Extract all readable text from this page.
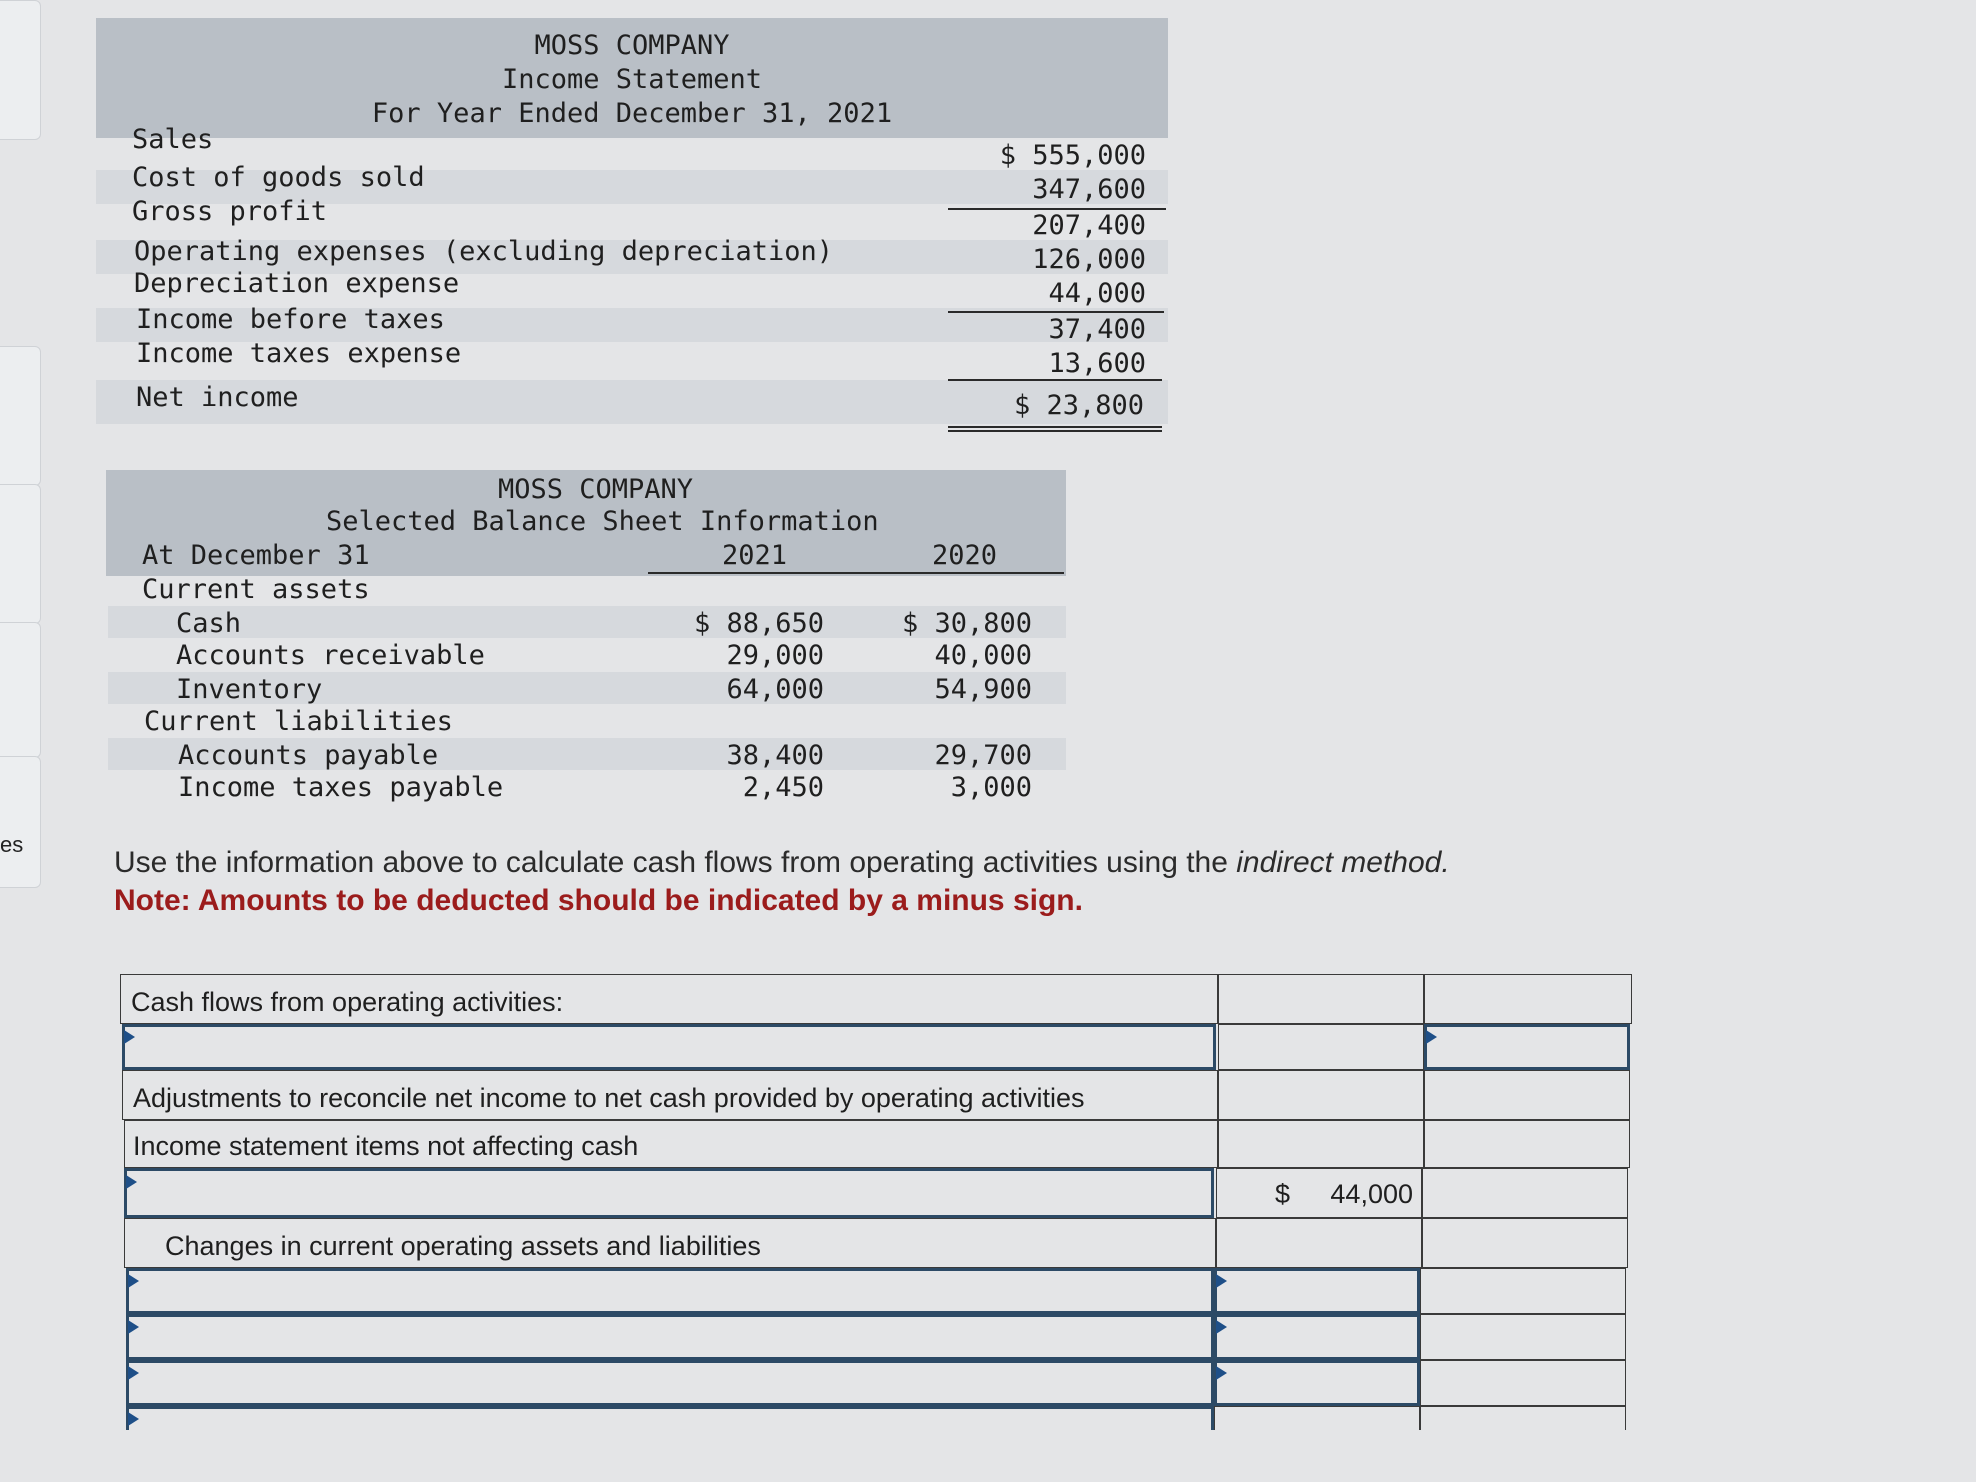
es
MOSS COMPANY
Income Statement
For Year Ended December 31, 2021
Sales
Cost of goods sold
Gross profit
Operating expenses (excluding depreciation)
Depreciation expense
Income before taxes
Income taxes expense
Net income
$ 555,000
347,600
207,400
126,000
44,000
37,400
13,600
$ 23,800
MOSS COMPANY
Selected Balance Sheet Information
At December 31	2021	2020
Current assets
Cash
Accounts receivable
Inventory
Current liabilities
Accounts payable
Income taxes payable
$ 88,650
29,000
64,000
38,400
2,450
$ 30,800
40,000
54,900
29,700
3,000
Use the information above to calculate cash flows from operating activities using the indirect method.
Note: Amounts to be deducted should be indicated by a minus sign.
Cash flows from operating activities:
Adjustments to reconcile net income to net cash provided by operating activities
Income statement items not affecting cash
$ 44,000
Changes in current operating assets and liabilities
